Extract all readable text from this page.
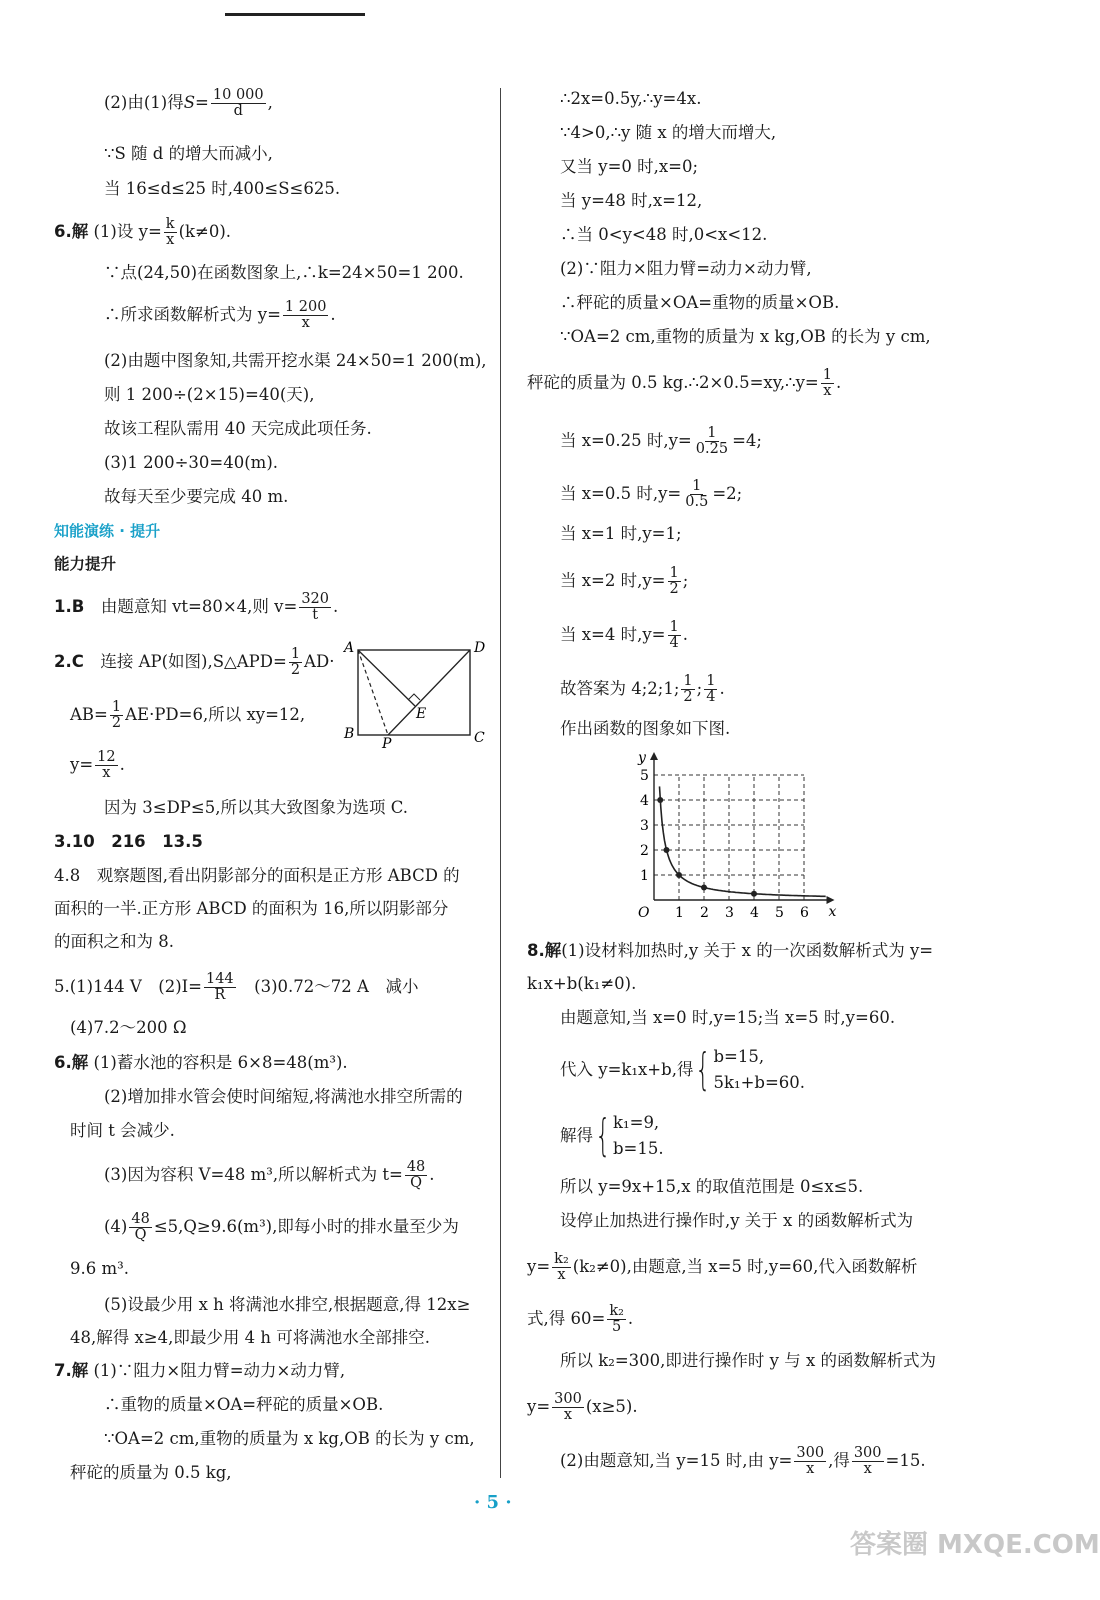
(2)由(1)得$S= \frac{10 000}{d}$ ,
∵S 随 d 的增大而减小,
当 16≤d≤25 时,400≤S≤625.
6.解 (1)设 $y= \frac{k}{x} (k\ne 0)$.
∵点(24,50)在函数图象上,∴k=24×50=1 200.
∴所求函数解析式为 $y= \frac{1 200}{x}$ .
(2)由题中图象知,共需开挖水渠 24×50=1 200(m),
则 1 200÷(2×15)=40(天),
故该工程队需用 40 天完成此项任务.
(3)1 200÷30=40(m).
故每天至少要完成 40 m.
知能演练 · 提升
能力提升
1.B　 由题意知 vt=80×4,则 $v= \frac{320}{t}$ .
2.C　 连接 AP(如图),S△APD= $\frac{1}{2} AD\cdot$
$AB= \frac{1}{2} AE\cdot PD=6$,所以 xy=12,
$y= \frac{12}{x}$ .
因为 3≤DP≤5,所以其大致图象为选项 C.
A	D
B	C
P
E
3.10　216　13.5
4.8　观察题图,看出阴影部分的面积是正方形 ABCD 的
面积的一半.正方形 ABCD 的面积为 16,所以阴影部分
的面积之和为 8.
5.(1)144 V　$(2)I= \frac{144}{R}$
　 (3)0.72～72 A　减小
(4)7.2～200 Ω
6.解 (1)蓄水池的容积是 6×8=48(m³).
(2)增加排水管会使时间缩短,将满池水排空所需的
时间 t 会减少.
(3)因为容积 V=48 m³,所以解析式为 $t= \frac{48}{Q}$ .
$(4) \frac{48}{Q} \le 5,Q\ge 9.6(m^3)$,即每小时的排水量至少为
9.6 m³.
(5)设最少用 x h 将满池水排空,根据题意,得 12x≥
48,解得 x≥4,即最少用 4 h 可将满池水全部排空.
7.解 (1)∵阻力×阻力臂=动力×动力臂,
∴重物的质量×OA=秤砣的质量×OB.
∵OA=2 cm,重物的质量为 x kg,OB 的长为 y cm,
秤砣的质量为 0.5 kg,
∴2x=0.5y,∴y=4x.
∵4>0,∴y 随 x 的增大而增大,
又当 y=0 时,x=0;
当 y=48 时,x=12,
∴当 0<y<48 时,0<x<12.
(2)∵阻力×阻力臂=动力×动力臂,
∴秤砣的质量×OA=重物的质量×OB.
∵OA=2 cm,重物的质量为 x kg,OB 的长为 y cm,
秤砣的质量为 0.5 kg.∴2×0.5=xy,∴y= $\frac{1}{x}$ .
当 x=0.25 时$,y= \frac{1}{0.25} =4$;
当 x=0.5 时$,y= \frac{1}{0.5} =2$;
当 x=1 时,y=1;
当 x=2 时$,y= \frac{1}{2}$ ;
当 x=4 时$,y= \frac{1}{4}$ .
故答案为 4;2;1; $\frac{1}{2}$ ; $\frac{1}{4}$ .
作出函数的图象如下图.
1 2 3 4 5 6
1
2
3
4
5
O	x
y
8.解(1)设材料加热时,y 关于 x 的一次函数解析式为 y=
k₁x+b(k₁≠0).
由题意知,当 x=0 时,y=15;当 x=5 时,y=60.
代入 y=k₁x+b,得{ b=15,
5k₁+b=60.
解得{ k₁=9,
b=15.
所以 y=9x+15,x 的取值范围是 0≤x≤5.
设停止加热进行操作时,y 关于 x 的函数解析式为
$y= \frac{\text{k₂}}{x} (k_2\ne 0)$,由题意,当 x=5 时,y=60,代入函数解析
式,得 $60= \frac{\text{k₂}}{5}$ .
所以 k₂=300,即进行操作时 y 与 x 的函数解析式为
$y= \frac{300}{x} (x\ge 5)$.
(2)由题意知,当 y=15 时,由 $y= \frac{300}{x}$ ,得 $\frac{300}{x} =15$.
· 5 ·
答案圈 MXQE.COM
